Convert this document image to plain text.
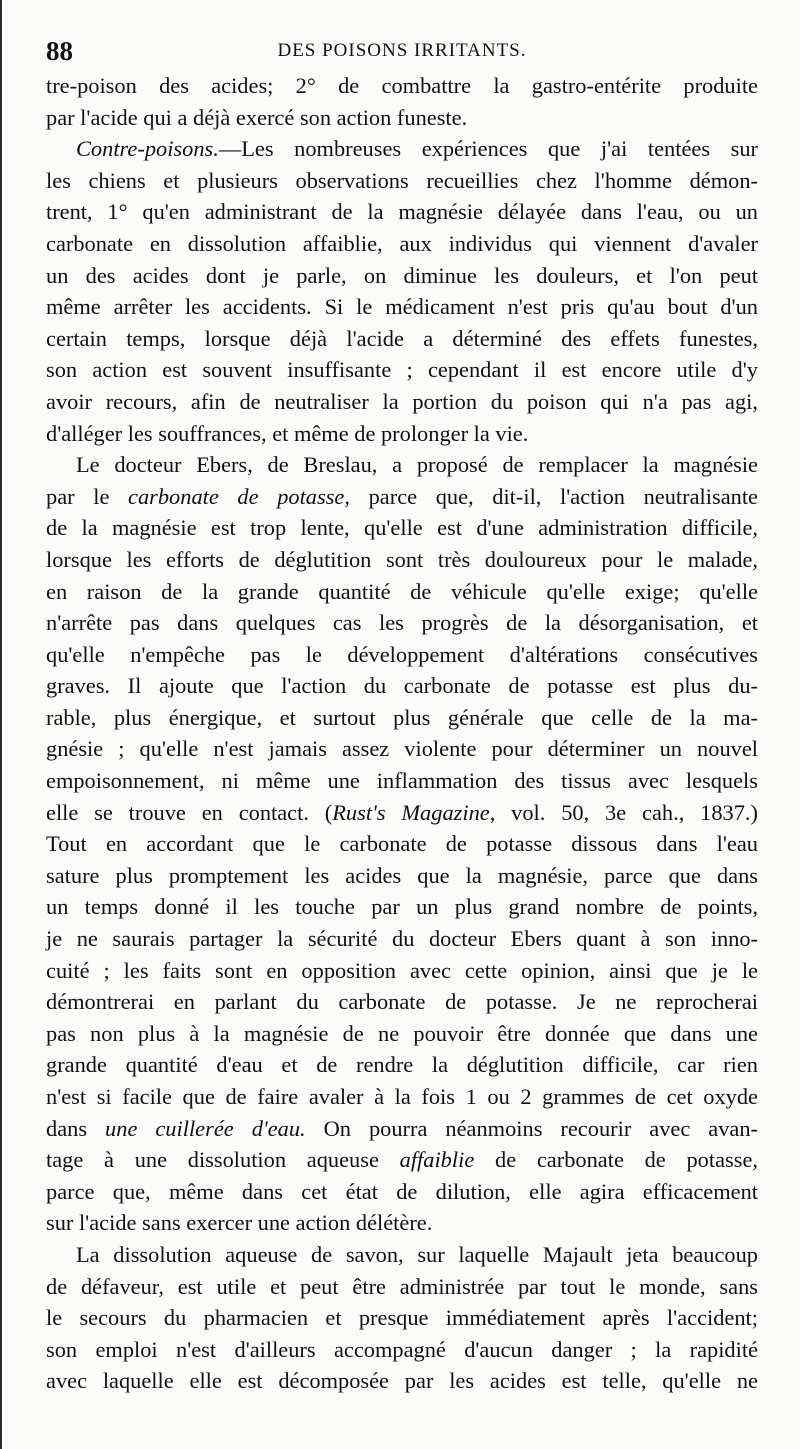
88	DES POISONS IRRITANTS.
tre-poison des acides; 2° de combattre la gastro-entérite produite
par l'acide qui a déjà exercé son action funeste.
Contre-poisons.—Les nombreuses expériences que j'ai tentées sur
les chiens et plusieurs observations recueillies chez l'homme démon-
trent, 1° qu'en administrant de la magnésie délayée dans l'eau, ou un
carbonate en dissolution affaiblie, aux individus qui viennent d'avaler
un des acides dont je parle, on diminue les douleurs, et l'on peut
même arrêter les accidents. Si le médicament n'est pris qu'au bout d'un
certain temps, lorsque déjà l'acide a déterminé des effets funestes,
son action est souvent insuffisante ; cependant il est encore utile d'y
avoir recours, afin de neutraliser la portion du poison qui n'a pas agi,
d'alléger les souffrances, et même de prolonger la vie.
Le docteur Ebers, de Breslau, a proposé de remplacer la magnésie
par le carbonate de potasse, parce que, dit-il, l'action neutralisante
de la magnésie est trop lente, qu'elle est d'une administration difficile,
lorsque les efforts de déglutition sont très douloureux pour le malade,
en raison de la grande quantité de véhicule qu'elle exige; qu'elle
n'arrête pas dans quelques cas les progrès de la désorganisation, et
qu'elle n'empêche pas le développement d'altérations consécutives
graves. Il ajoute que l'action du carbonate de potasse est plus du-
rable, plus énergique, et surtout plus générale que celle de la ma-
gnésie ; qu'elle n'est jamais assez violente pour déterminer un nouvel
empoisonnement, ni même une inflammation des tissus avec lesquels
elle se trouve en contact. (Rust's Magazine, vol. 50, 3e cah., 1837.)
Tout en accordant que le carbonate de potasse dissous dans l'eau
sature plus promptement les acides que la magnésie, parce que dans
un temps donné il les touche par un plus grand nombre de points,
je ne saurais partager la sécurité du docteur Ebers quant à son inno-
cuité ; les faits sont en opposition avec cette opinion, ainsi que je le
démontrerai en parlant du carbonate de potasse. Je ne reprocherai
pas non plus à la magnésie de ne pouvoir être donnée que dans une
grande quantité d'eau et de rendre la déglutition difficile, car rien
n'est si facile que de faire avaler à la fois 1 ou 2 grammes de cet oxyde
dans une cuillerée d'eau. On pourra néanmoins recourir avec avan-
tage à une dissolution aqueuse affaiblie de carbonate de potasse,
parce que, même dans cet état de dilution, elle agira efficacement
sur l'acide sans exercer une action délétère.
La dissolution aqueuse de savon, sur laquelle Majault jeta beaucoup
de défaveur, est utile et peut être administrée par tout le monde, sans
le secours du pharmacien et presque immédiatement après l'accident;
son emploi n'est d'ailleurs accompagné d'aucun danger ; la rapidité
avec laquelle elle est décomposée par les acides est telle, qu'elle ne
